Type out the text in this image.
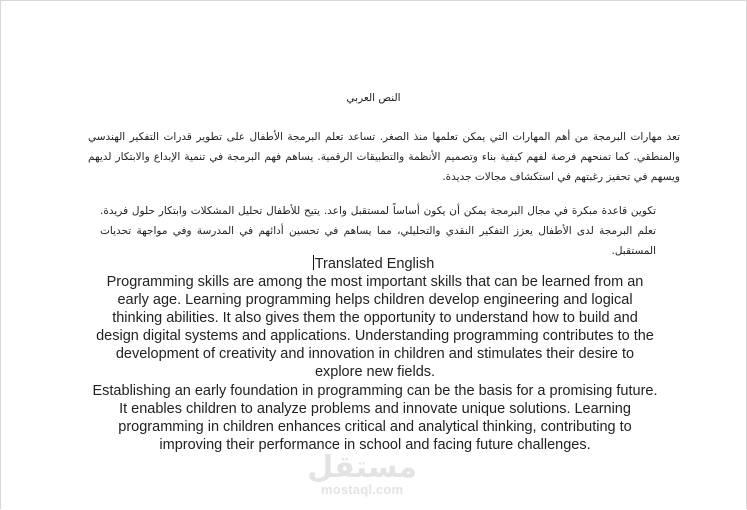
النص العربي
تعد مهارات البرمجة من أهم المهارات التي يمكن تعلمها منذ الصغر. تساعد تعلم البرمجة الأطفال على تطوير قدرات التفكير الهندسي والمنطقي. كما تمنحهم فرصة لفهم كيفية بناء وتصميم الأنظمة والتطبيقات الرقمية. يساهم فهم البرمجة في تنمية الإبداع والابتكار لديهم ويسهم في تحفيز رغبتهم في استكشاف مجالات جديدة.
تكوين قاعدة مبكرة في مجال البرمجة يمكن أن يكون أساساً لمستقبل واعد. يتيح للأطفال تحليل المشكلات وابتكار حلول فريدة. تعلم البرمجة لدى الأطفال يعزز التفكير النقدي والتحليلي، مما يساهم في تحسين أدائهم في المدرسة وفي مواجهة تحديات المستقبل.
Translated English
Programming skills are among the most important skills that can be learned from an early age. Learning programming helps children develop engineering and logical thinking abilities. It also gives them the opportunity to understand how to build and design digital systems and applications. Understanding programming contributes to the development of creativity and innovation in children and stimulates their desire to explore new fields.
Establishing an early foundation in programming can be the basis for a promising future. It enables children to analyze problems and innovate unique solutions. Learning programming in children enhances critical and analytical thinking, contributing to improving their performance in school and facing future challenges.
مستقل
mostaql.com
